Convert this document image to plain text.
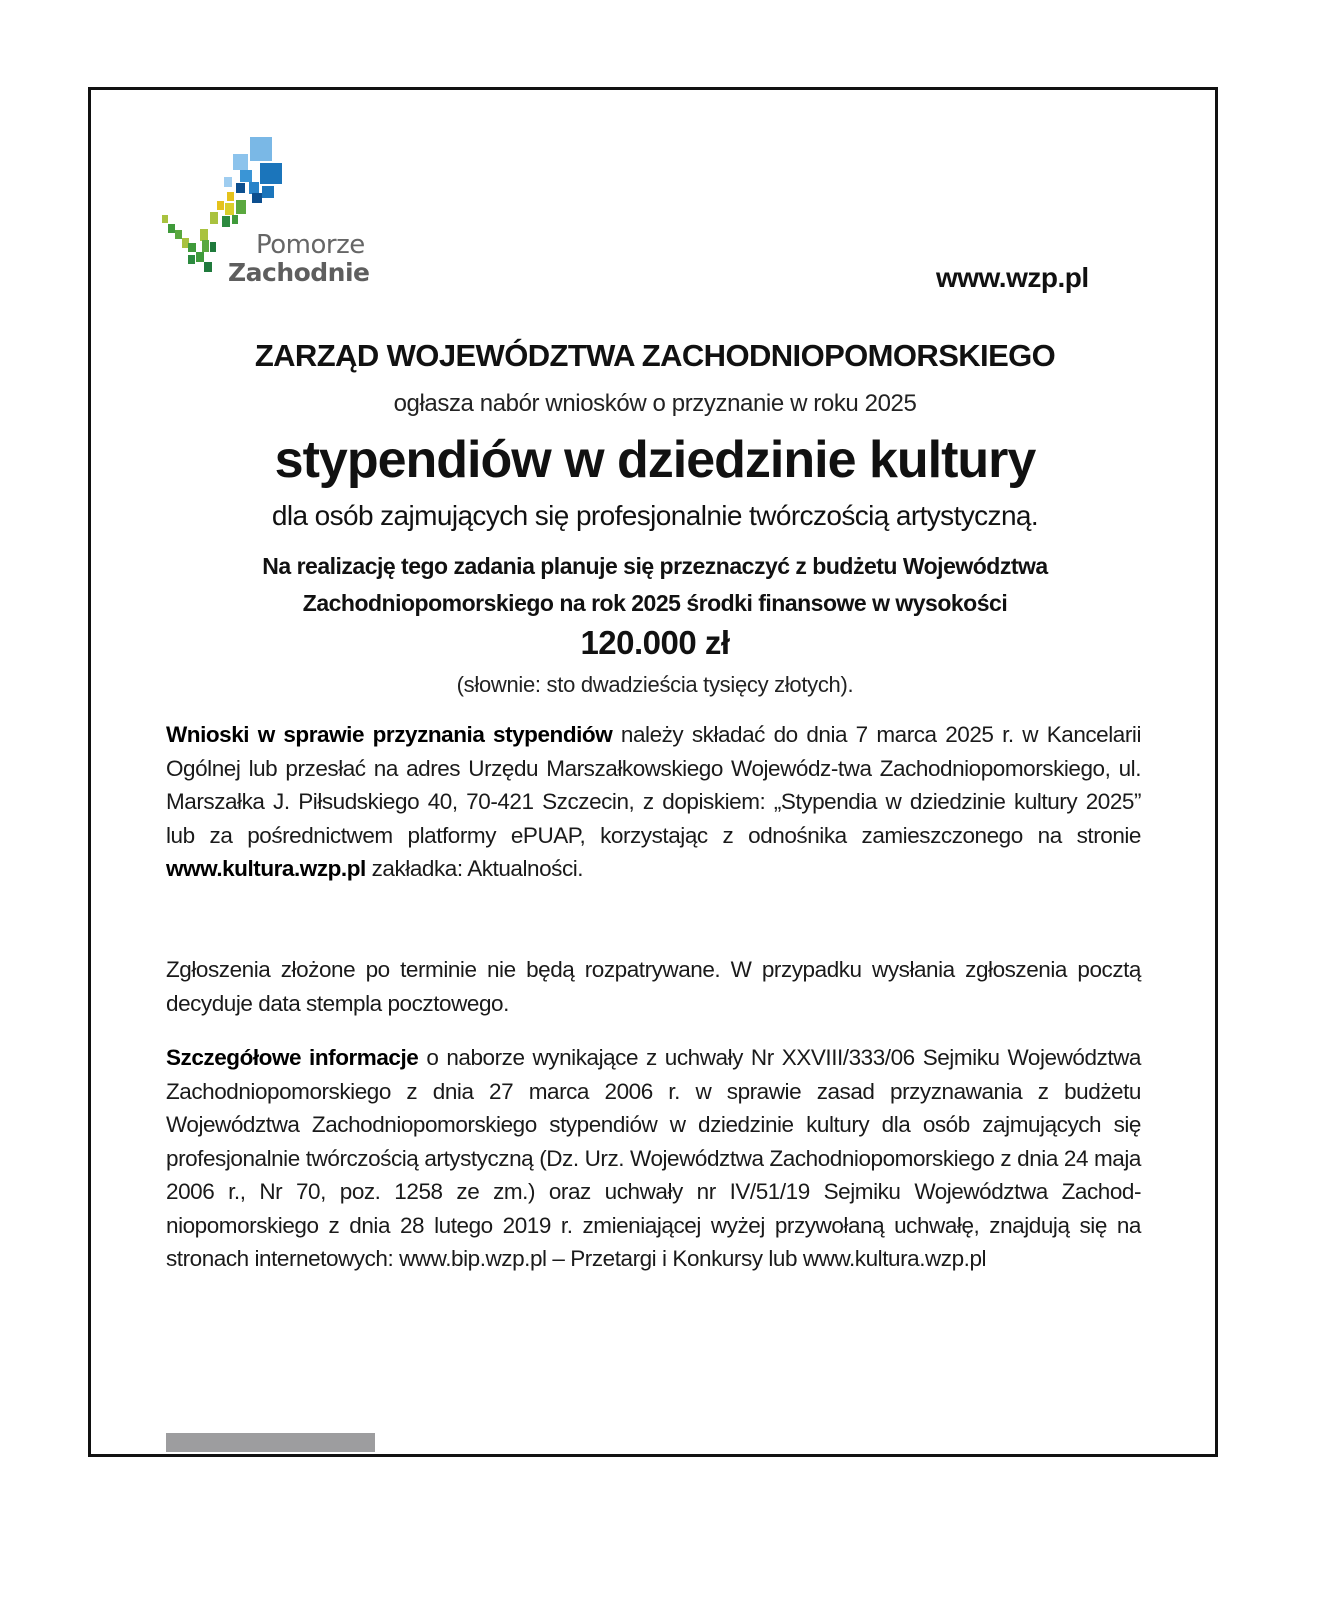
Pomorze
Zachodnie	www.wzp.pl
ZARZĄD WOJEWÓDZTWA ZACHODNIOPOMORSKIEGO
ogłasza nabór wniosków o przyznanie w roku 2025
stypendiów w dziedzinie kultury
dla osób zajmujących się profesjonalnie twórczością artystyczną.
Na realizację tego zadania planuje się przeznaczyć z budżetu Województwa
Zachodniopomorskiego na rok 2025 środki finansowe w wysokości
120.000 zł
(słownie: sto dwadzieścia tysięcy złotych).
Wnioski w sprawie przyznania stypendiów należy składać do dnia 7 marca 2025 r. w Kancelarii Ogólnej lub przesłać na adres Urzędu Marszałkowskiego Wojewódz-twa Zachodniopomorskiego, ul. Marszałka J. Piłsudskiego 40, 70-421 Szczecin, z dopiskiem: „Stypendia w dziedzinie kultury 2025” lub za pośrednictwem platformy ePUAP, korzystając z odnośnika zamieszczonego na stronie www.kultura.wzp.pl zakładka: Aktualności.
Zgłoszenia złożone po terminie nie będą rozpatrywane. W przypadku wysłania zgłoszenia pocztą decyduje data stempla pocztowego.
Szczegółowe informacje o naborze wynikające z uchwały Nr XXVIII/333/06 Sejmiku Województwa Zachodniopomorskiego z dnia 27 marca 2006 r. w sprawie zasad przyznawania z budżetu Województwa Zachodniopomorskiego stypendiów w dziedzinie kultury dla osób zajmujących się profesjonalnie twórczością artystyczną (Dz. Urz. Województwa Zachodniopomorskiego z dnia 24 maja 2006 r., Nr 70, poz. 1258 ze zm.) oraz uchwały nr IV/51/19 Sejmiku Województwa Zachod-niopomorskiego z dnia 28 lutego 2019 r. zmieniającej wyżej przywołaną uchwałę, znajdują się na stronach internetowych: www.bip.wzp.pl – Przetargi i Konkursy lub www.kultura.wzp.pl
